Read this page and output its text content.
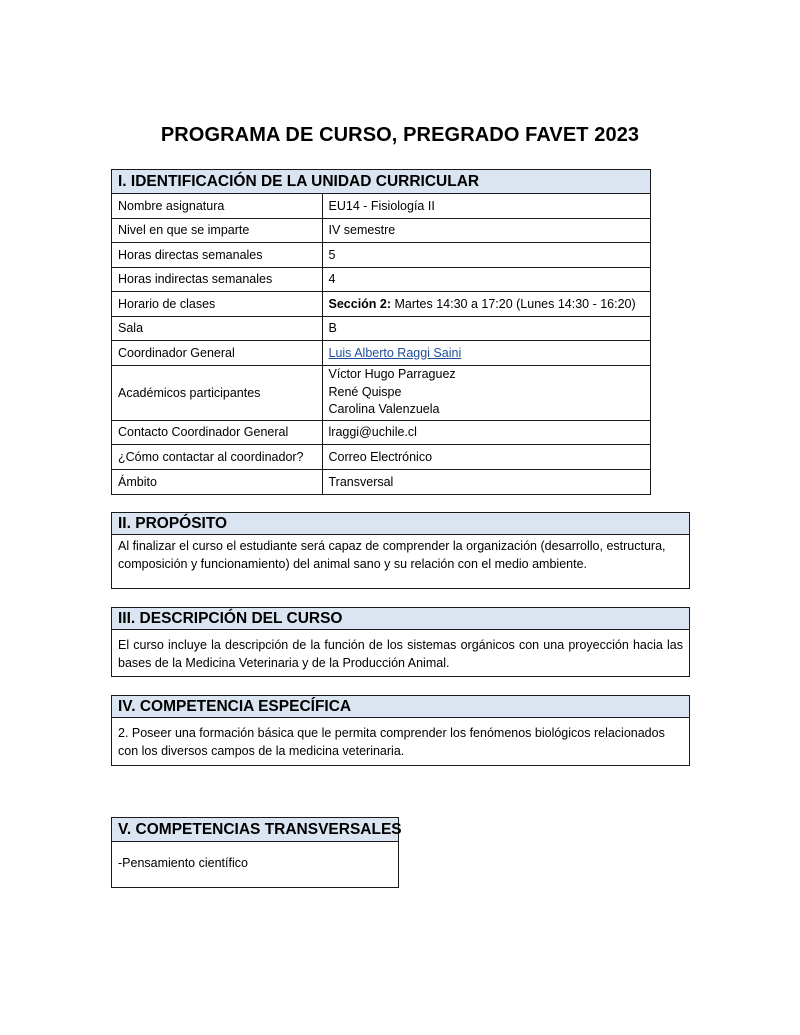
PROGRAMA DE CURSO, PREGRADO FAVET 2023
I. IDENTIFICACIÓN DE LA UNIDAD CURRICULAR
Nombre asignatura	EU14 - Fisiología II
Nivel en que se imparte	IV semestre
Horas directas semanales	5
Horas indirectas semanales	4
Horario de clases	Sección 2: Martes 14:30 a 17:20 (Lunes 14:30 - 16:20)
Sala	B
Coordinador General	Luis Alberto Raggi Saini
Académicos participantes	Víctor Hugo Parraguez
René Quispe
Carolina Valenzuela

Contacto Coordinador General	lraggi@uchile.cl
¿Cómo contactar al coordinador?	Correo Electrónico
Ámbito	Transversal
II. PROPÓSITO
Al finalizar el curso el estudiante será capaz de comprender la organización (desarrollo, estructura, composición y funcionamiento) del animal sano y su relación con el medio ambiente.
III. DESCRIPCIÓN DEL CURSO
El curso incluye la descripción de la función de los sistemas orgánicos con una proyección hacia las bases de la Medicina Veterinaria y de la Producción Animal.
IV. COMPETENCIA ESPECÍFICA
2. Poseer una formación básica que le permita comprender los fenómenos biológicos relacionados con los diversos campos de la medicina veterinaria.
V. COMPETENCIAS TRANSVERSALES
-Pensamiento científico
